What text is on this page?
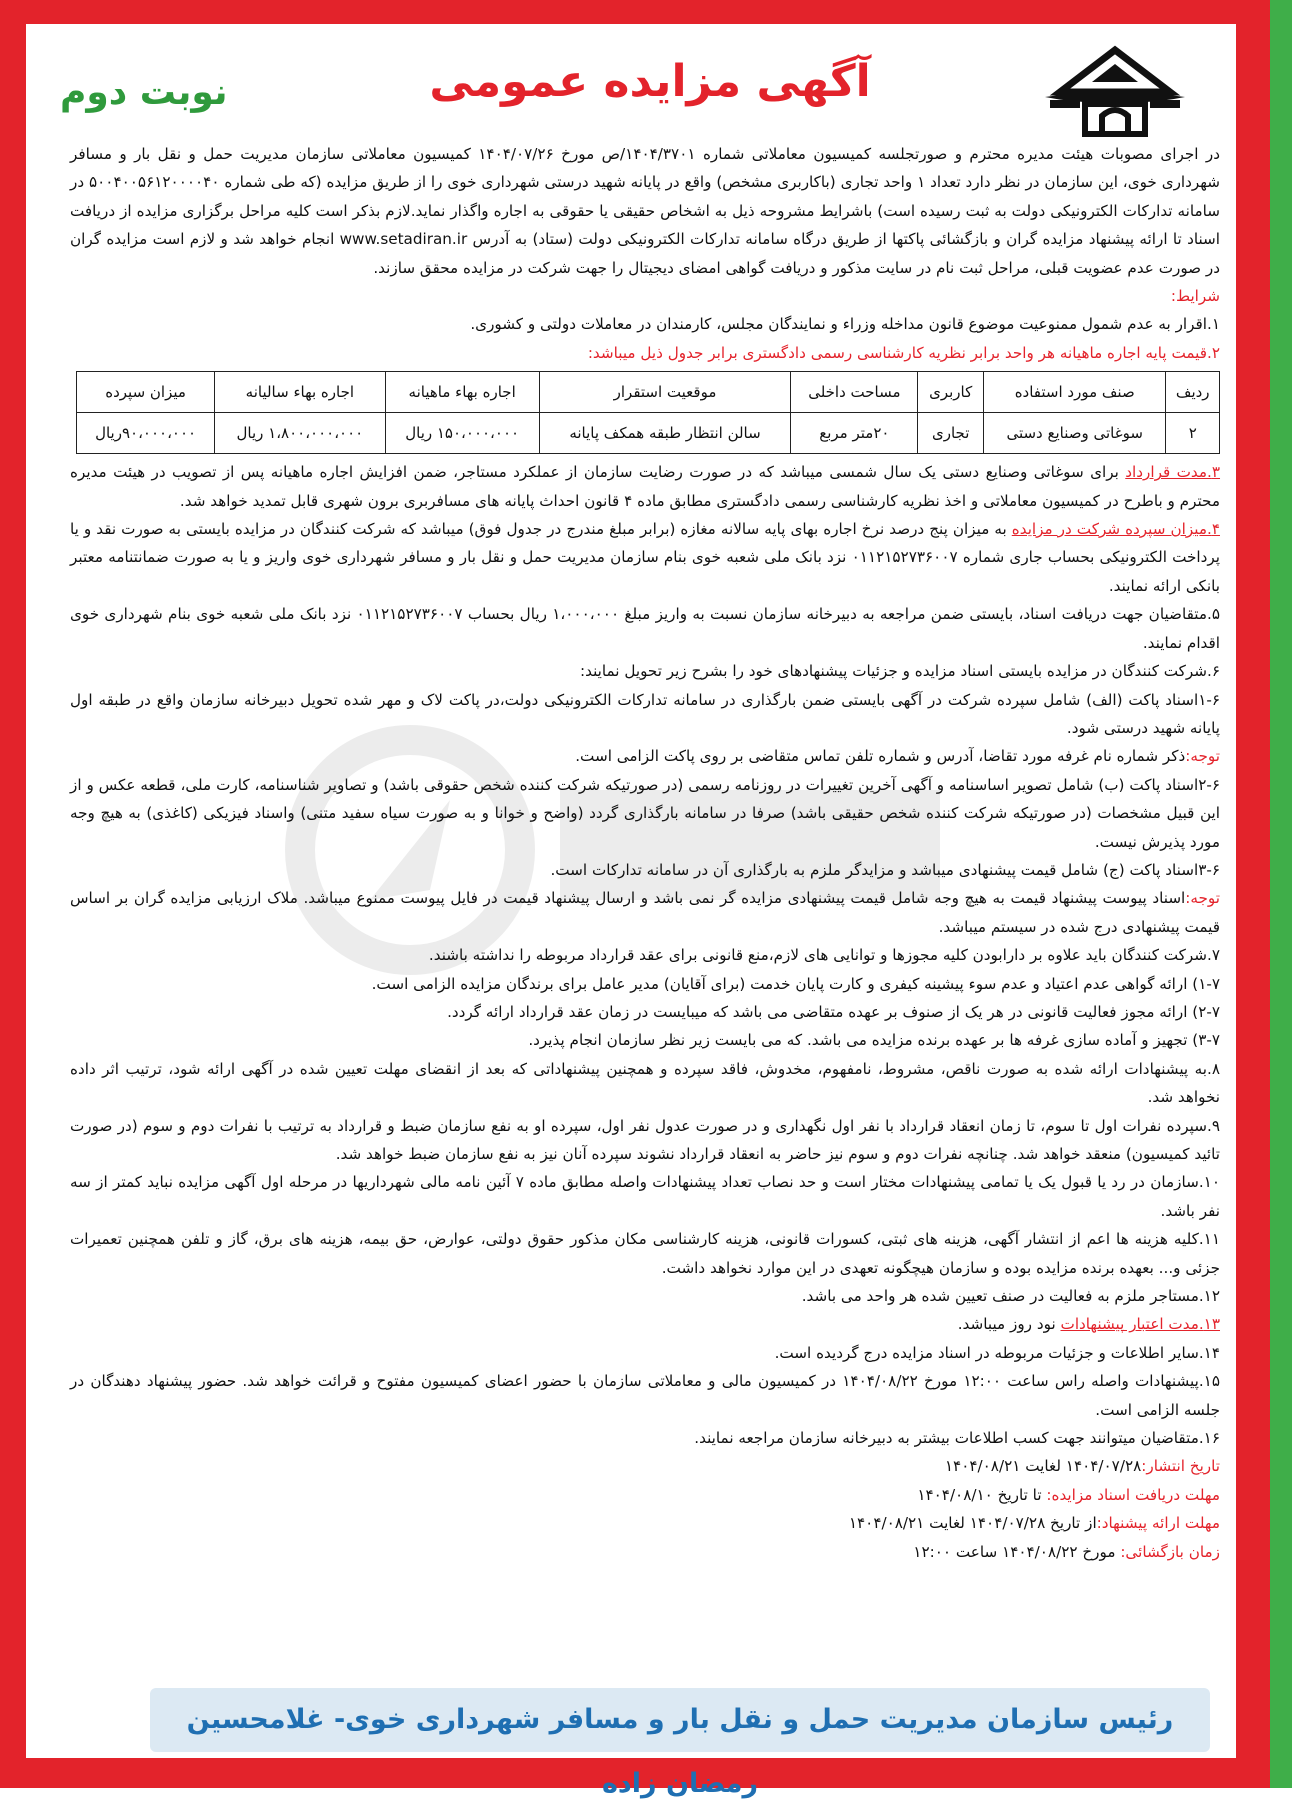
آگهی مزایده عمومی
نوبت دوم

در اجرای مصوبات هیئت مدیره محترم و صورتجلسه کمیسیون معاملاتی شماره ۱۴۰۴/۳۷۰۱/ص مورخ ۱۴۰۴/۰۷/۲۶ کمیسیون معاملاتی سازمان مدیریت حمل و نقل بار و مسافر شهرداری خوی، این سازمان در نظر دارد تعداد ۱ واحد تجاری (باکاربری مشخص) واقع در پایانه شهید درستی شهرداری خوی را از طریق مزایده (که طی شماره ۵۰۰۴۰۰۵۶۱۲۰۰۰۰۴۰ در سامانه تدارکات الکترونیکی دولت به ثبت رسیده است) باشرایط مشروحه ذیل به اشخاص حقیقی یا حقوقی به اجاره واگذار نماید.لازم بذکر است کلیه مراحل برگزاری مزایده از دریافت اسناد تا ارائه پیشنهاد مزایده گران و بازگشائی پاکتها از طریق درگاه سامانه تدارکات الکترونیکی دولت (ستاد) به آدرس www.setadiran.ir انجام خواهد شد و لازم است مزایده گران در صورت عدم عضویت قبلی، مراحل ثبت نام در سایت مذکور و دریافت گواهی امضای دیجیتال را جهت شرکت در مزایده محقق سازند.

شرایط:

۱.اقرار به عدم شمول ممنوعیت موضوع قانون مداخله وزراء و نمایندگان مجلس، کارمندان در معاملات دولتی و کشوری.

۲.قیمت پایه اجاره ماهیانه هر واحد برابر نظریه کارشناسی رسمی دادگستری برابر جدول ذیل میباشد:

ردیف	صنف مورد استفاده	کاربری	مساحت داخلی	موقعیت استقرار	اجاره بهاء ماهیانه	اجاره بهاء سالیانه	میزان سپرده
۲	سوغاتی وصنایع دستی	تجاری	۲۰متر مربع	سالن انتظار طبقه همکف پایانه	۱۵۰،۰۰۰،۰۰۰ ریال	۱،۸۰۰،۰۰۰،۰۰۰ ریال	۹۰،۰۰۰،۰۰۰ریال

۳.مدت قرارداد برای سوغاتی وصنایع دستی یک سال شمسی میباشد که در صورت رضایت سازمان از عملکرد مستاجر، ضمن افزایش اجاره ماهیانه پس از تصویب در هیئت مدیره محترم و باطرح در کمیسیون معاملاتی و اخذ نظریه کارشناسی رسمی دادگستری مطابق ماده ۴ قانون احداث پایانه های مسافربری برون شهری قابل تمدید خواهد شد.

۴.میزان سپرده شرکت در مزایده به میزان پنج درصد نرخ اجاره بهای پایه سالانه مغازه (برابر مبلغ مندرج در جدول فوق) میباشد که شرکت کنندگان در مزایده بایستی به صورت نقد و یا پرداخت الکترونیکی بحساب جاری شماره ۰۱۱۲۱۵۲۷۳۶۰۰۷ نزد بانک ملی شعبه خوی بنام سازمان مدیریت حمل و نقل بار و مسافر شهرداری خوی واریز و یا به صورت ضمانتنامه معتبر بانکی ارائه نمایند.

۵.متقاضیان جهت دریافت اسناد، بایستی ضمن مراجعه به دبیرخانه سازمان نسبت به واریز مبلغ ۱،۰۰۰،۰۰۰ ریال بحساب ۰۱۱۲۱۵۲۷۳۶۰۰۷ نزد بانک ملی شعبه خوی بنام شهرداری خوی اقدام نمایند.

۶.شرکت کنندگان در مزایده بایستی اسناد مزایده و جزئیات پیشنهادهای خود را بشرح زیر تحویل نمایند:

۱-۶اسناد پاکت (الف) شامل سپرده شرکت در آگهی بایستی ضمن بارگذاری در سامانه تدارکات الکترونیکی دولت،در پاکت لاک و مهر شده تحویل دبیرخانه سازمان واقع در طبقه اول پایانه شهید درستی شود.

توجه:ذکر شماره نام غرفه مورد تقاضا، آدرس و شماره تلفن تماس متقاضی بر روی پاکت الزامی است.

۲-۶اسناد پاکت (ب) شامل تصویر اساسنامه و آگهی آخرین تغییرات در روزنامه رسمی (در صورتیکه شرکت کننده شخص حقوقی باشد) و تصاویر شناسنامه، کارت ملی، قطعه عکس و از این قبیل مشخصات (در صورتیکه شرکت کننده شخص حقیقی باشد) صرفا در سامانه بارگذاری گردد (واضح و خوانا و به صورت سیاه سفید متنی) واسناد فیزیکی (کاغذی) به هیچ وجه مورد پذیرش نیست.

۳-۶اسناد پاکت (ج) شامل قیمت پیشنهادی میباشد و مزایدگر ملزم به بارگذاری آن در سامانه تدارکات است.

توجه:اسناد پیوست پیشنهاد قیمت به هیچ وجه شامل قیمت پیشنهادی مزایده گر نمی باشد و ارسال پیشنهاد قیمت در فایل پیوست ممنوع میباشد. ملاک ارزیابی مزایده گران بر اساس قیمت پیشنهادی درج شده در سیستم میباشد.

۷.شرکت کنندگان باید علاوه بر دارابودن کلیه مجوزها و توانایی های لازم،منع قانونی برای عقد قرارداد مربوطه را نداشته باشند.

۱-۷) ارائه گواهی عدم اعتیاد و عدم سوء پیشینه کیفری و کارت پایان خدمت (برای آقایان) مدیر عامل برای برندگان مزایده الزامی است.

۲-۷) ارائه مجوز فعالیت قانونی در هر یک از صنوف بر عهده متقاضی می باشد که میبایست در زمان عقد قرارداد ارائه گردد.

۳-۷) تجهیز و آماده سازی غرفه ها بر عهده برنده مزایده می باشد. که می بایست زیر نظر سازمان انجام پذیرد.

۸.به پیشنهادات ارائه شده به صورت ناقص، مشروط، نامفهوم، مخدوش، فاقد سپرده و همچنین پیشنهاداتی که بعد از انقضای مهلت تعیین شده در آگهی ارائه شود، ترتیب اثر داده نخواهد شد.

۹.سپرده نفرات اول تا سوم، تا زمان انعقاد قرارداد با نفر اول نگهداری و در صورت عدول نفر اول، سپرده او به نفع سازمان ضبط و قرارداد به ترتیب با نفرات دوم و سوم (در صورت تائید کمیسیون) منعقد خواهد شد. چنانچه نفرات دوم و سوم نیز حاضر به انعقاد قرارداد نشوند سپرده آنان نیز به نفع سازمان ضبط خواهد شد.

۱۰.سازمان در رد یا قبول یک یا تمامی پیشنهادات مختار است و حد نصاب تعداد پیشنهادات واصله مطابق ماده ۷ آئین نامه مالی شهرداریها در مرحله اول آگهی مزایده نباید کمتر از سه نفر باشد.

۱۱.کلیه هزینه ها اعم از انتشار آگهی، هزینه های ثبتی، کسورات قانونی، هزینه کارشناسی مکان مذکور حقوق دولتی، عوارض، حق بیمه، هزینه های برق، گاز و تلفن همچنین تعمیرات جزئی و... بعهده برنده مزایده بوده و سازمان هیچگونه تعهدی در این موارد نخواهد داشت.

۱۲.مستاجر ملزم به فعالیت در صنف تعیین شده هر واحد می باشد.

۱۳.مدت اعتبار پیشنهادات نود روز میباشد.

۱۴.سایر اطلاعات و جزئیات مربوطه در اسناد مزایده درج گردیده است.

۱۵.پیشنهادات واصله راس ساعت ۱۲:۰۰ مورخ ۱۴۰۴/۰۸/۲۲ در کمیسیون مالی و معاملاتی سازمان با حضور اعضای کمیسیون مفتوح و قرائت خواهد شد. حضور پیشنهاد دهندگان در جلسه الزامی است.

۱۶.متقاضیان میتوانند جهت کسب اطلاعات بیشتر به دبیرخانه سازمان مراجعه نمایند.

تاریخ انتشار:۱۴۰۴/۰۷/۲۸ لغایت ۱۴۰۴/۰۸/۲۱

مهلت دریافت اسناد مزایده: تا تاریخ ۱۴۰۴/۰۸/۱۰

مهلت ارائه پیشنهاد:از تاریخ ۱۴۰۴/۰۷/۲۸ لغایت ۱۴۰۴/۰۸/۲۱

زمان بازگشائی: مورخ ۱۴۰۴/۰۸/۲۲ ساعت ۱۲:۰۰

رئیس سازمان مدیریت حمل و نقل بار و مسافر شهرداری خوی- غلامحسین رمضان زاده
